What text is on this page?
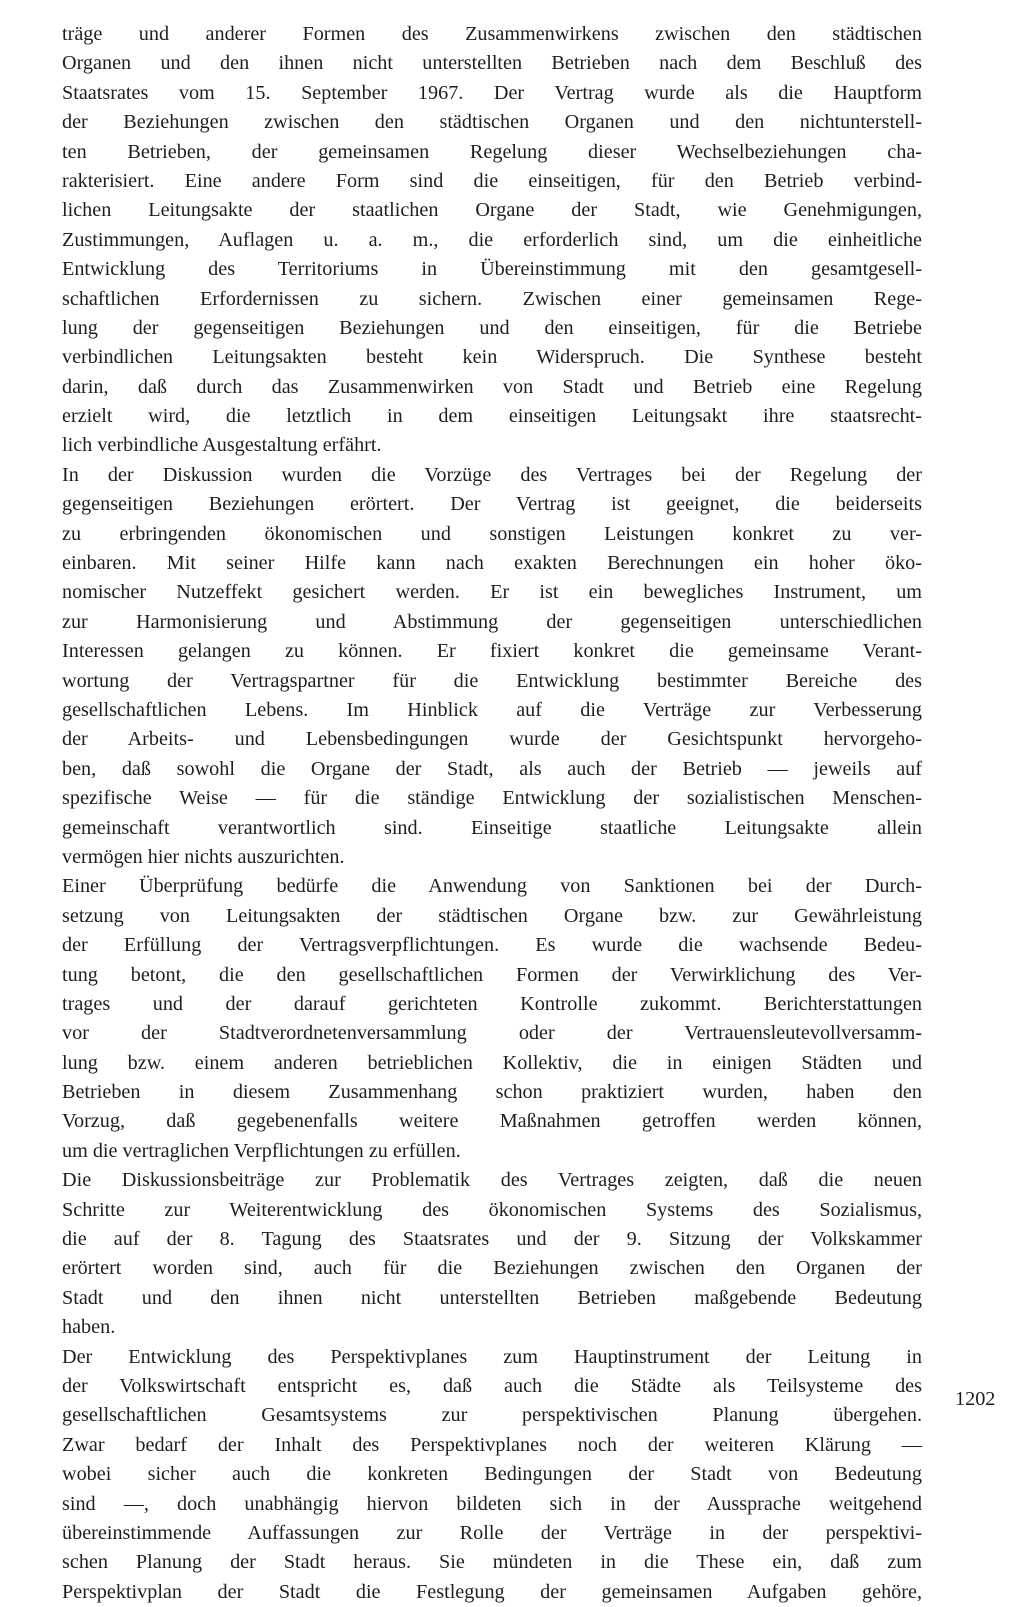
träge und anderer Formen des Zusammenwirkens zwischen den städtischen
Organen und den ihnen nicht unterstellten Betrieben nach dem Beschluß des
Staatsrates vom 15. September 1967. Der Vertrag wurde als die Hauptform
der Beziehungen zwischen den städtischen Organen und den nichtunterstell-
ten Betrieben, der gemeinsamen Regelung dieser Wechselbeziehungen cha-
rakterisiert. Eine andere Form sind die einseitigen, für den Betrieb verbind-
lichen Leitungsakte der staatlichen Organe der Stadt, wie Genehmigungen,
Zustimmungen, Auflagen u. a. m., die erforderlich sind, um die einheitliche
Entwicklung des Territoriums in Übereinstimmung mit den gesamtgesell-
schaftlichen Erfordernissen zu sichern. Zwischen einer gemeinsamen Rege-
lung der gegenseitigen Beziehungen und den einseitigen, für die Betriebe
verbindlichen Leitungsakten besteht kein Widerspruch. Die Synthese besteht
darin, daß durch das Zusammenwirken von Stadt und Betrieb eine Regelung
erzielt wird, die letztlich in dem einseitigen Leitungsakt ihre staatsrecht-
lich verbindliche Ausgestaltung erfährt.
In der Diskussion wurden die Vorzüge des Vertrages bei der Regelung der
gegenseitigen Beziehungen erörtert. Der Vertrag ist geeignet, die beiderseits
zu erbringenden ökonomischen und sonstigen Leistungen konkret zu ver-
einbaren. Mit seiner Hilfe kann nach exakten Berechnungen ein hoher öko-
nomischer Nutzeffekt gesichert werden. Er ist ein bewegliches Instrument, um
zur Harmonisierung und Abstimmung der gegenseitigen unterschiedlichen
Interessen gelangen zu können. Er fixiert konkret die gemeinsame Verant-
wortung der Vertragspartner für die Entwicklung bestimmter Bereiche des
gesellschaftlichen Lebens. Im Hinblick auf die Verträge zur Verbesserung
der Arbeits- und Lebensbedingungen wurde der Gesichtspunkt hervorgeho-
ben, daß sowohl die Organe der Stadt, als auch der Betrieb — jeweils auf
spezifische Weise — für die ständige Entwicklung der sozialistischen Menschen-
gemeinschaft verantwortlich sind. Einseitige staatliche Leitungsakte allein
vermögen hier nichts auszurichten.
Einer Überprüfung bedürfe die Anwendung von Sanktionen bei der Durch-
setzung von Leitungsakten der städtischen Organe bzw. zur Gewährleistung
der Erfüllung der Vertragsverpflichtungen. Es wurde die wachsende Bedeu-
tung betont, die den gesellschaftlichen Formen der Verwirklichung des Ver-
trages und der darauf gerichteten Kontrolle zukommt. Berichterstattungen
vor der Stadtverordnetenversammlung oder der Vertrauensleutevollversamm-
lung bzw. einem anderen betrieblichen Kollektiv, die in einigen Städten und
Betrieben in diesem Zusammenhang schon praktiziert wurden, haben den
Vorzug, daß gegebenenfalls weitere Maßnahmen getroffen werden können,
um die vertraglichen Verpflichtungen zu erfüllen.
Die Diskussionsbeiträge zur Problematik des Vertrages zeigten, daß die neuen
Schritte zur Weiterentwicklung des ökonomischen Systems des Sozialismus,
die auf der 8. Tagung des Staatsrates und der 9. Sitzung der Volkskammer
erörtert worden sind, auch für die Beziehungen zwischen den Organen der
Stadt und den ihnen nicht unterstellten Betrieben maßgebende Bedeutung
haben.
Der Entwicklung des Perspektivplanes zum Hauptinstrument der Leitung in
der Volkswirtschaft entspricht es, daß auch die Städte als Teilsysteme des
gesellschaftlichen Gesamtsystems zur perspektivischen Planung übergehen.
Zwar bedarf der Inhalt des Perspektivplanes noch der weiteren Klärung —
wobei sicher auch die konkreten Bedingungen der Stadt von Bedeutung
sind —, doch unabhängig hiervon bildeten sich in der Aussprache weitgehend
übereinstimmende Auffassungen zur Rolle der Verträge in der perspektivi-
schen Planung der Stadt heraus. Sie mündeten in die These ein, daß zum
Perspektivplan der Stadt die Festlegung der gemeinsamen Aufgaben gehöre,
1202
